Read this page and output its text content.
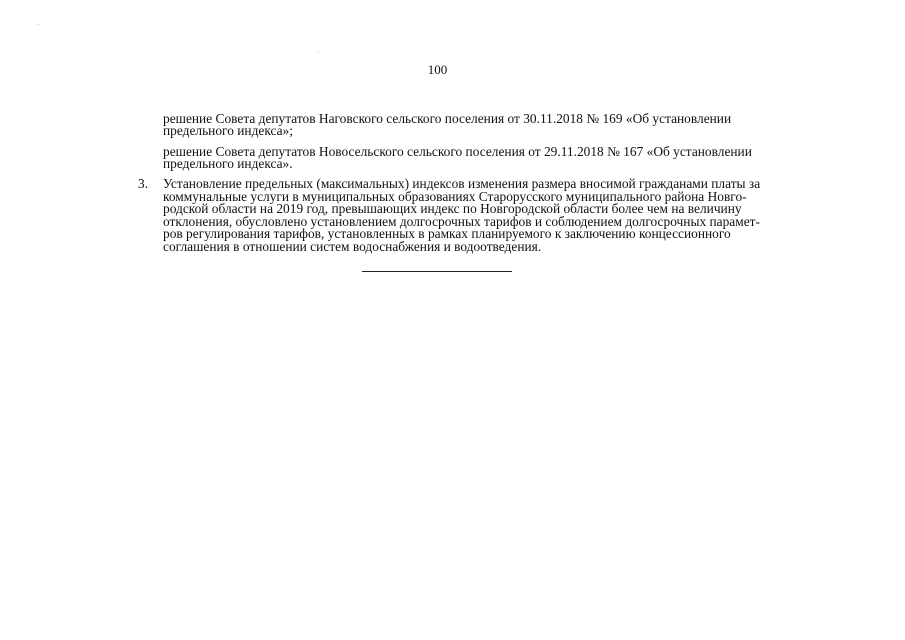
100
решение Совета депутатов Наговского сельского поселения от 30.11.2018 № 169 «Об установлении
предельного индекса»;
решение Совета депутатов Новосельского сельского поселения от 29.11.2018 № 167 «Об установлении
предельного индекса».
3.	Установление предельных (максимальных) индексов изменения размера вносимой гражданами платы за
коммунальные услуги в муниципальных образованиях Старорусского муниципального района Новго-
родской области на 2019 год, превышающих индекс по Новгородской области более чем на величину
отклонения, обусловлено установлением долгосрочных тарифов и соблюдением долгосрочных парамет-
ров регулирования тарифов, установленных в рамках планируемого к заключению концессионного
соглашения в отношении систем водоснабжения и водоотведения.
